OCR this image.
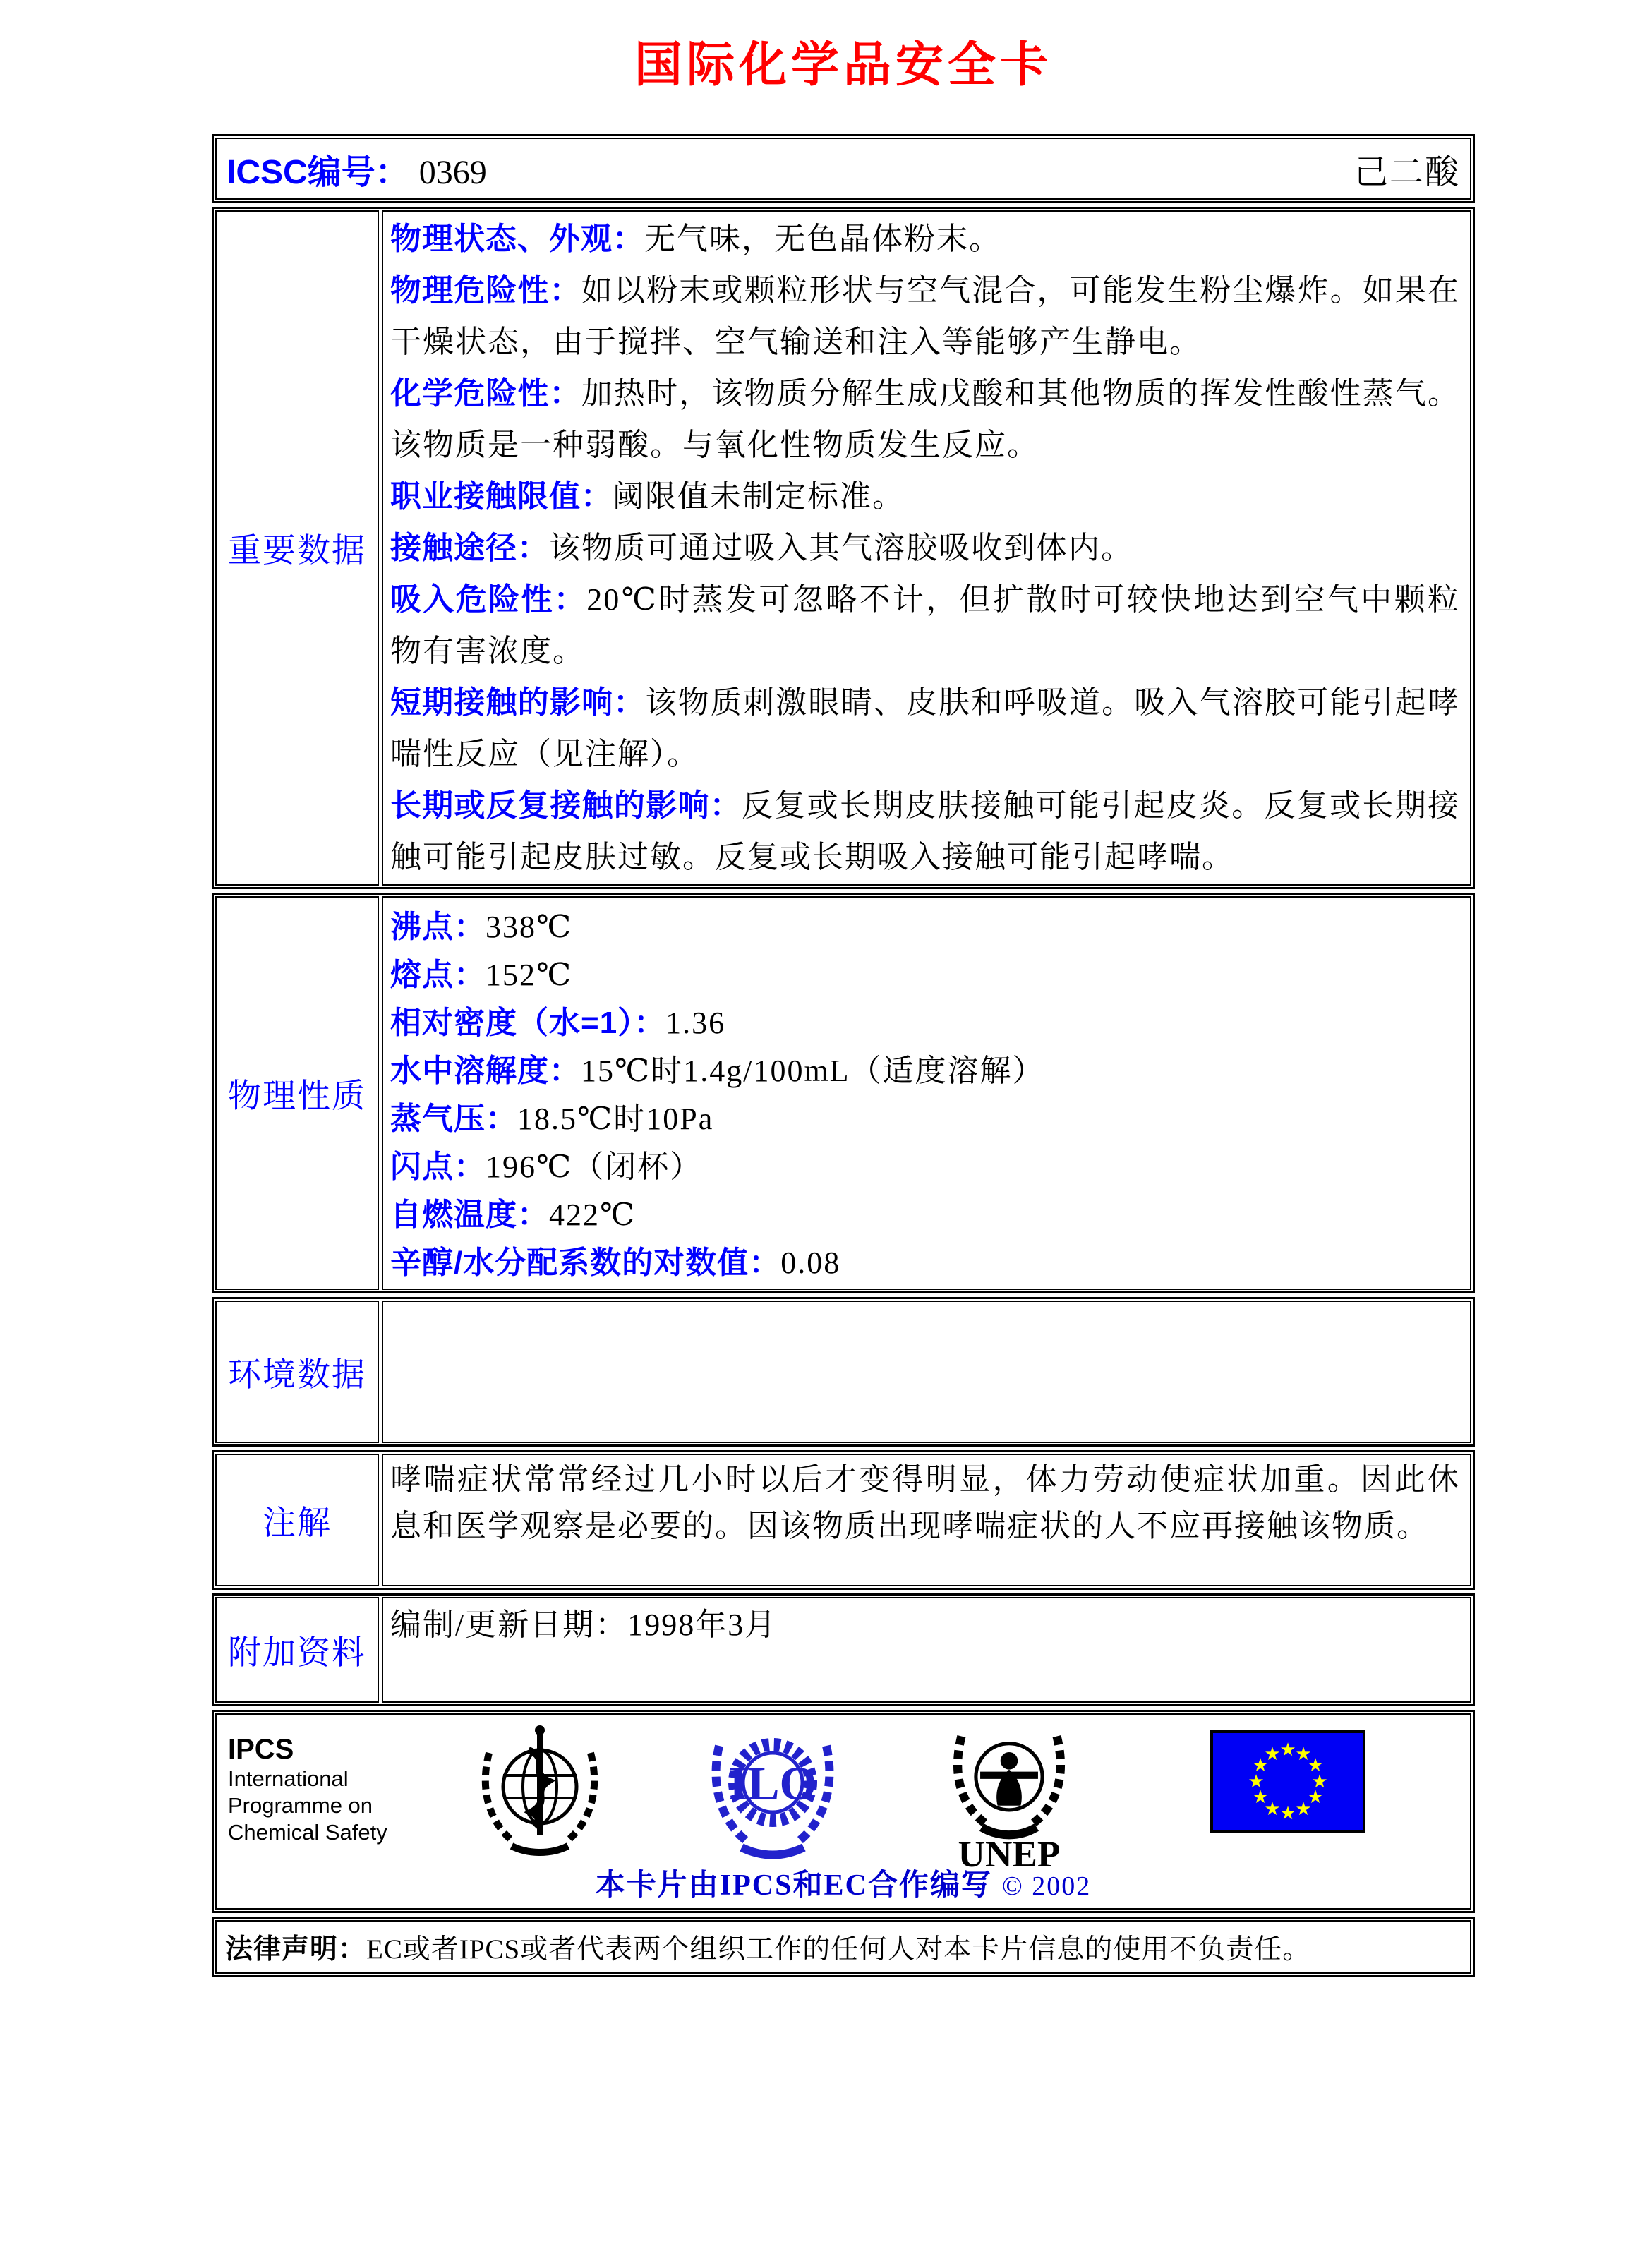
国际化学品安全卡
ICSC编号： 0369	己二酸
重要数据

物理状态、外观：无气味，无色晶体粉末。

物理危险性：如以粉末或颗粒形状与空气混合，可能发生粉尘爆炸。如果在干燥状态，由于搅拌、空气输送和注入等能够产生静电。

化学危险性：加热时，该物质分解生成戊酸和其他物质的挥发性酸性蒸气。该物质是一种弱酸。与氧化性物质发生反应。

职业接触限值：阈限值未制定标准。

接触途径：该物质可通过吸入其气溶胶吸收到体内。

吸入危险性：20℃时蒸发可忽略不计，但扩散时可较快地达到空气中颗粒物有害浓度。

短期接触的影响：该物质刺激眼睛、皮肤和呼吸道。吸入气溶胶可能引起哮喘性反应（见注解）。

长期或反复接触的影响：反复或长期皮肤接触可能引起皮炎。反复或长期接触可能引起皮肤过敏。反复或长期吸入接触可能引起哮喘。

物理性质

沸点：338℃

熔点：152℃

相对密度（水=1）：1.36

水中溶解度：15℃时1.4g/100mL（适度溶解）

蒸气压：18.5℃时10Pa

闪点：196℃（闭杯）

自燃温度：422℃

辛醇/水分配系数的对数值：0.08

环境数据
注解

哮喘症状常常经过几小时以后才变得明显，体力劳动使症状加重。因此休息和医学观察是必要的。因该物质出现哮喘症状的人不应再接触该物质。

附加资料

编制/更新日期：1998年3月

IPCS
International
Programme on
Chemical Safety
ILO
UNEP
★
★
★
★
★
★
★
★
★
★
★
★
本卡片由IPCS和EC合作编写 © 2002
法律声明：EC或者IPCS或者代表两个组织工作的任何人对本卡片信息的使用不负责任。
